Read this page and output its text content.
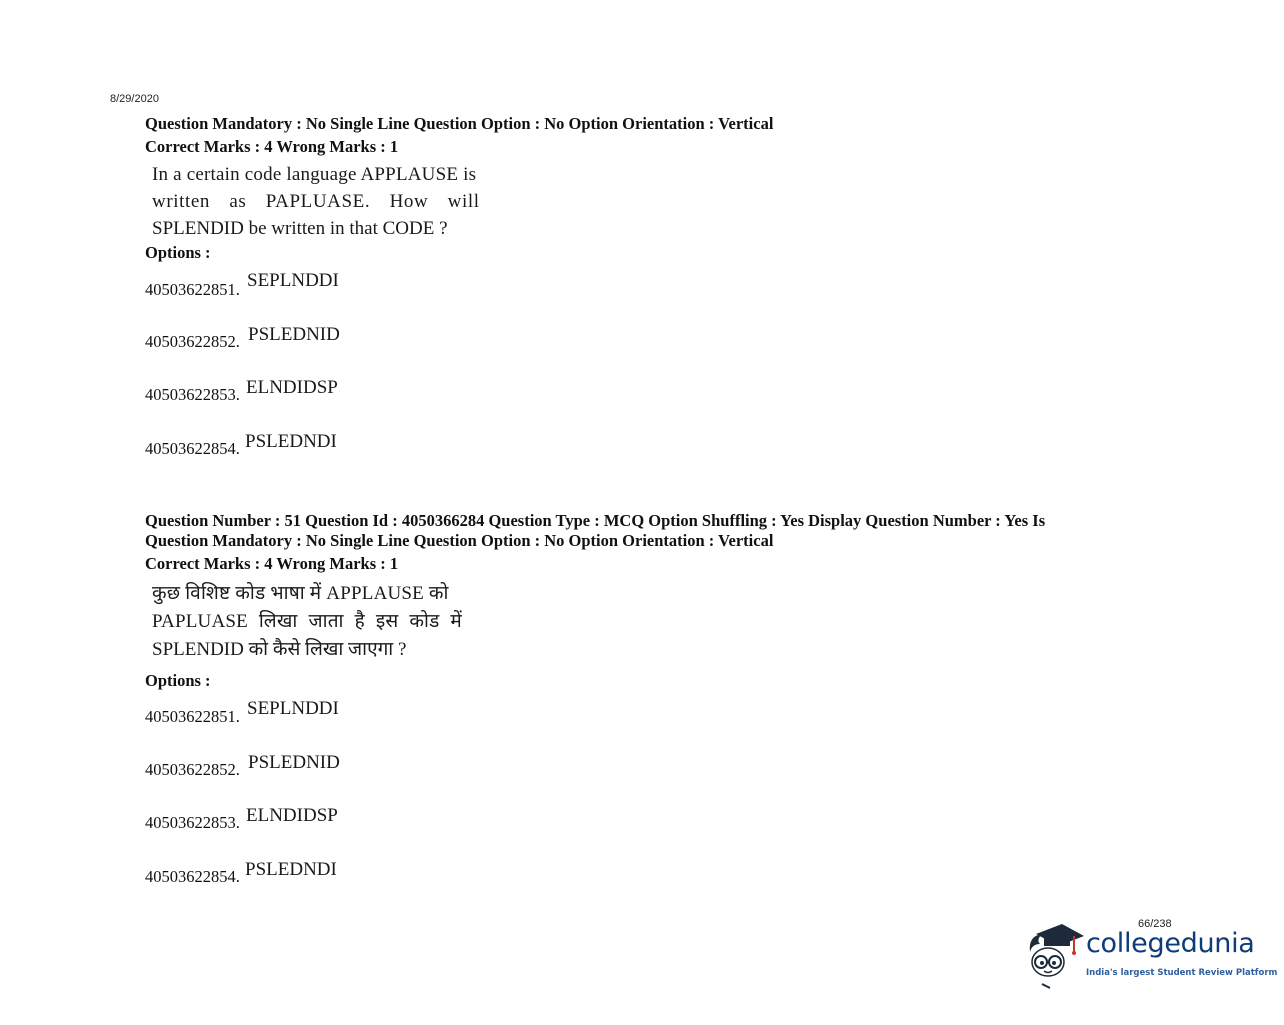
8/29/2020
Question Mandatory : No Single Line Question Option : No Option Orientation : Vertical
Correct Marks : 4 Wrong Marks : 1
In a certain code language APPLAUSE is
written as PAPLUASE. How will
SPLENDID be written in that CODE ?
Options :
40503622851. SEPLNDDI
40503622852. PSLEDNID
40503622853. ELNDIDSP
40503622854. PSLEDNDI
Question Number : 51 Question Id : 4050366284 Question Type : MCQ Option Shuffling : Yes Display Question Number : Yes Is
Question Mandatory : No Single Line Question Option : No Option Orientation : Vertical
Correct Marks : 4 Wrong Marks : 1
कुछ विशिष्ट कोड भाषा में APPLAUSE को
PAPLUASE लिखा जाता है इस कोड में
SPLENDID को कैसे लिखा जाएगा ?
Options :
40503622851. SEPLNDDI
40503622852. PSLEDNID
40503622853. ELNDIDSP
40503622854. PSLEDNDI
66/238
collegedunia
India's largest Student Review Platform
